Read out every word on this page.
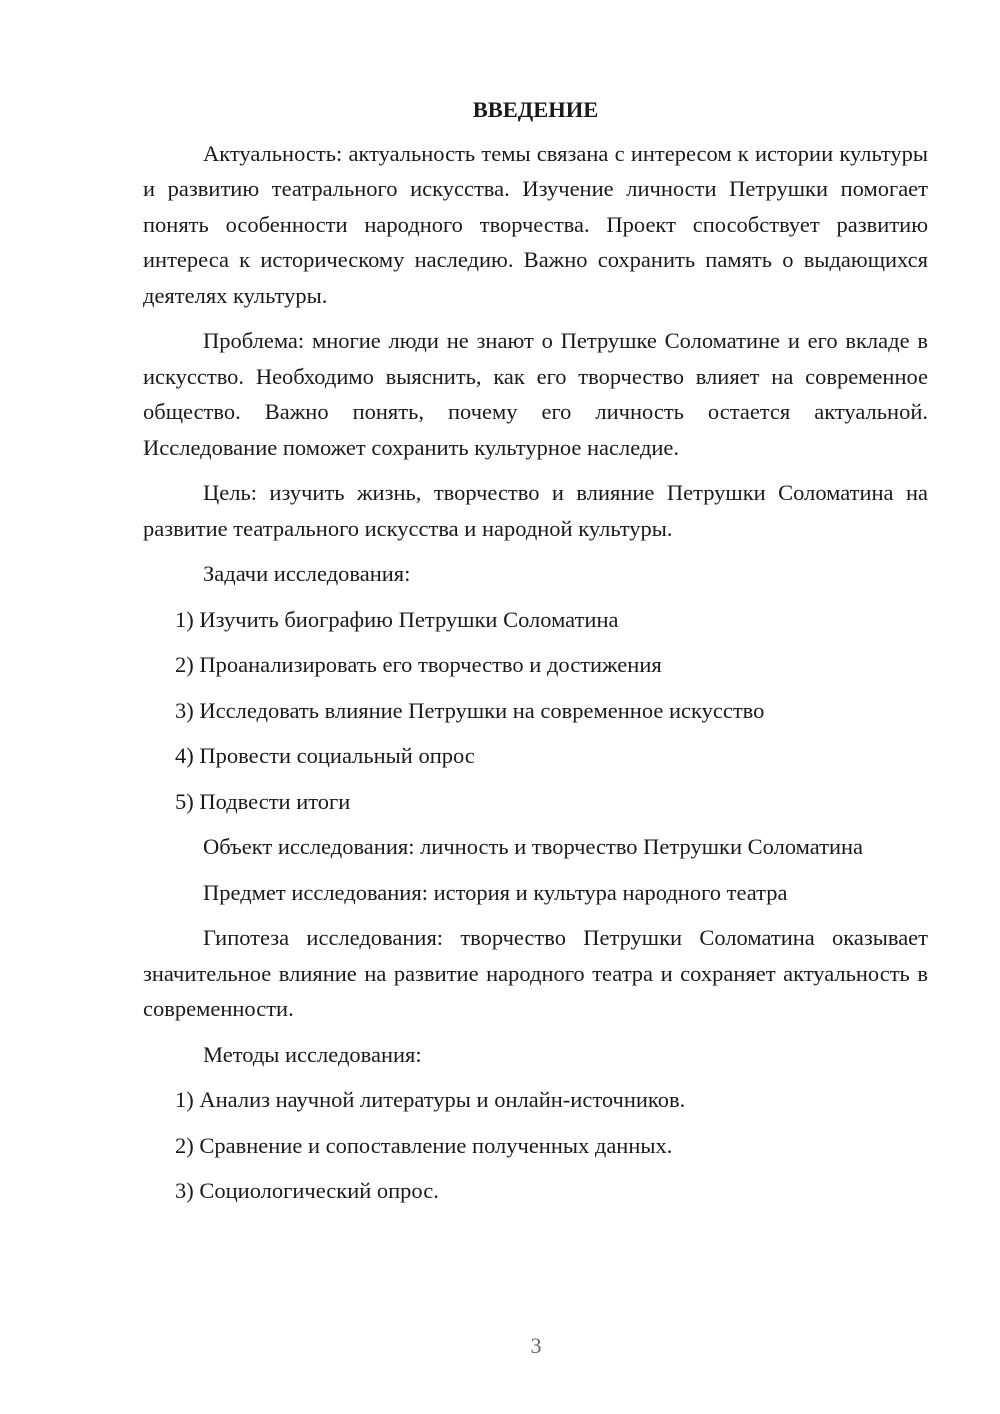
ВВЕДЕНИЕ

Актуальность: актуальность темы связана с интересом к истории культуры и развитию театрального искусства. Изучение личности Петрушки помогает понять особенности народного творчества. Проект способствует развитию интереса к историческому наследию. Важно сохранить память о выдающихся деятелях культуры.

Проблема: многие люди не знают о Петрушке Соломатине и его вкладе в искусство. Необходимо выяснить, как его творчество влияет на современное общество. Важно понять, почему его личность остается актуальной. Исследование поможет сохранить культурное наследие.

Цель: изучить жизнь, творчество и влияние Петрушки Соломатина на развитие театрального искусства и народной культуры.

Задачи исследования:

1) Изучить биографию Петрушки Соломатина

2) Проанализировать его творчество и достижения

3) Исследовать влияние Петрушки на современное искусство

4) Провести социальный опрос

5) Подвести итоги

Объект исследования: личность и творчество Петрушки Соломатина

Предмет исследования: история и культура народного театра

Гипотеза исследования: творчество Петрушки Соломатина оказывает значительное влияние на развитие народного театра и сохраняет актуальность в современности.

Методы исследования:

1) Анализ научной литературы и онлайн-источников.

2) Сравнение и сопоставление полученных данных.

3) Социологический опрос.

3
